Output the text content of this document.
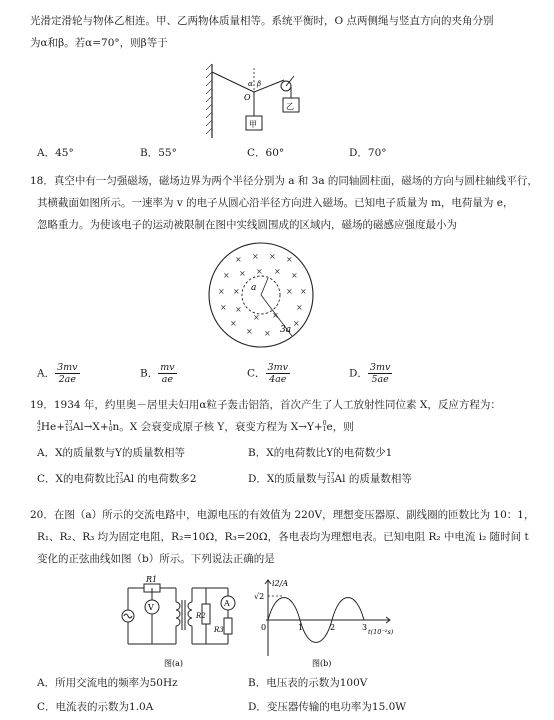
光滑定滑轮与物体乙相连。甲、乙两物体质量相等。系统平衡时，O 点两侧绳与竖直方向的夹角分别
为α和β。若α=70°，则β等于
甲
乙
O
α β
A．45°	B．55°	C．60°	D．70°
18．真空中有一匀强磁场，磁场边界为两个半径分别为 a 和 3a 的同轴圆柱面，磁场的方向与圆柱轴线平行，
其横截面如图所示。一速率为 v 的电子从圆心沿半径方向进入磁场。已知电子质量为 m，电荷量为 e，
忽略重力。为使该电子的运动被限制在图中实线圆围成的区域内，磁场的磁感应强度最小为
a
3a
× × × ×
× × × × ×
× ×	× ×
× ×
× ×
×
×
× ×
×
A． $\frac{3mv}{2ae}$	B． $\frac{mv}{ae}$	C． $\frac{3mv}{4ae}$	D． $\frac{3mv}{5ae}$
19．1934 年，约里奥－居里夫妇用α粒子轰击铝箔，首次产生了人工放射性同位素 X，反应方程为：
4
2 He+ 27
13 Al→X+ 1
0 n。X 会衰变成原子核 Y，衰变方程为 X→Y+ 0
1 e，则
A．X的质量数与Y的质量数相等	B．X的电荷数比Y的电荷数少1
C．X的电荷数比 27
13 Al 的电荷数多2	D．X的质量数与 27
13 Al 的质量数相等
20．在图（a）所示的交流电路中，电源电压的有效值为 220V，理想变压器原、副线圈的匝数比为 10：1，
R₁、R₂、R₃ 均为固定电阻，R₂=10Ω，R₃=20Ω，各电表均为理想电表。已知电阻 R₂ 中电流 i₂ 随时间 t
变化的正弦曲线如图（b）所示。下列说法正确的是
R1
V
R2
A
R3
图(a)
i2/A
√2
0	1	2	3 t(10⁻²s)
图(b)
A．所用交流电的频率为50Hz	B．电压表的示数为100V
C．电流表的示数为1.0A	D．变压器传输的电功率为15.0W
